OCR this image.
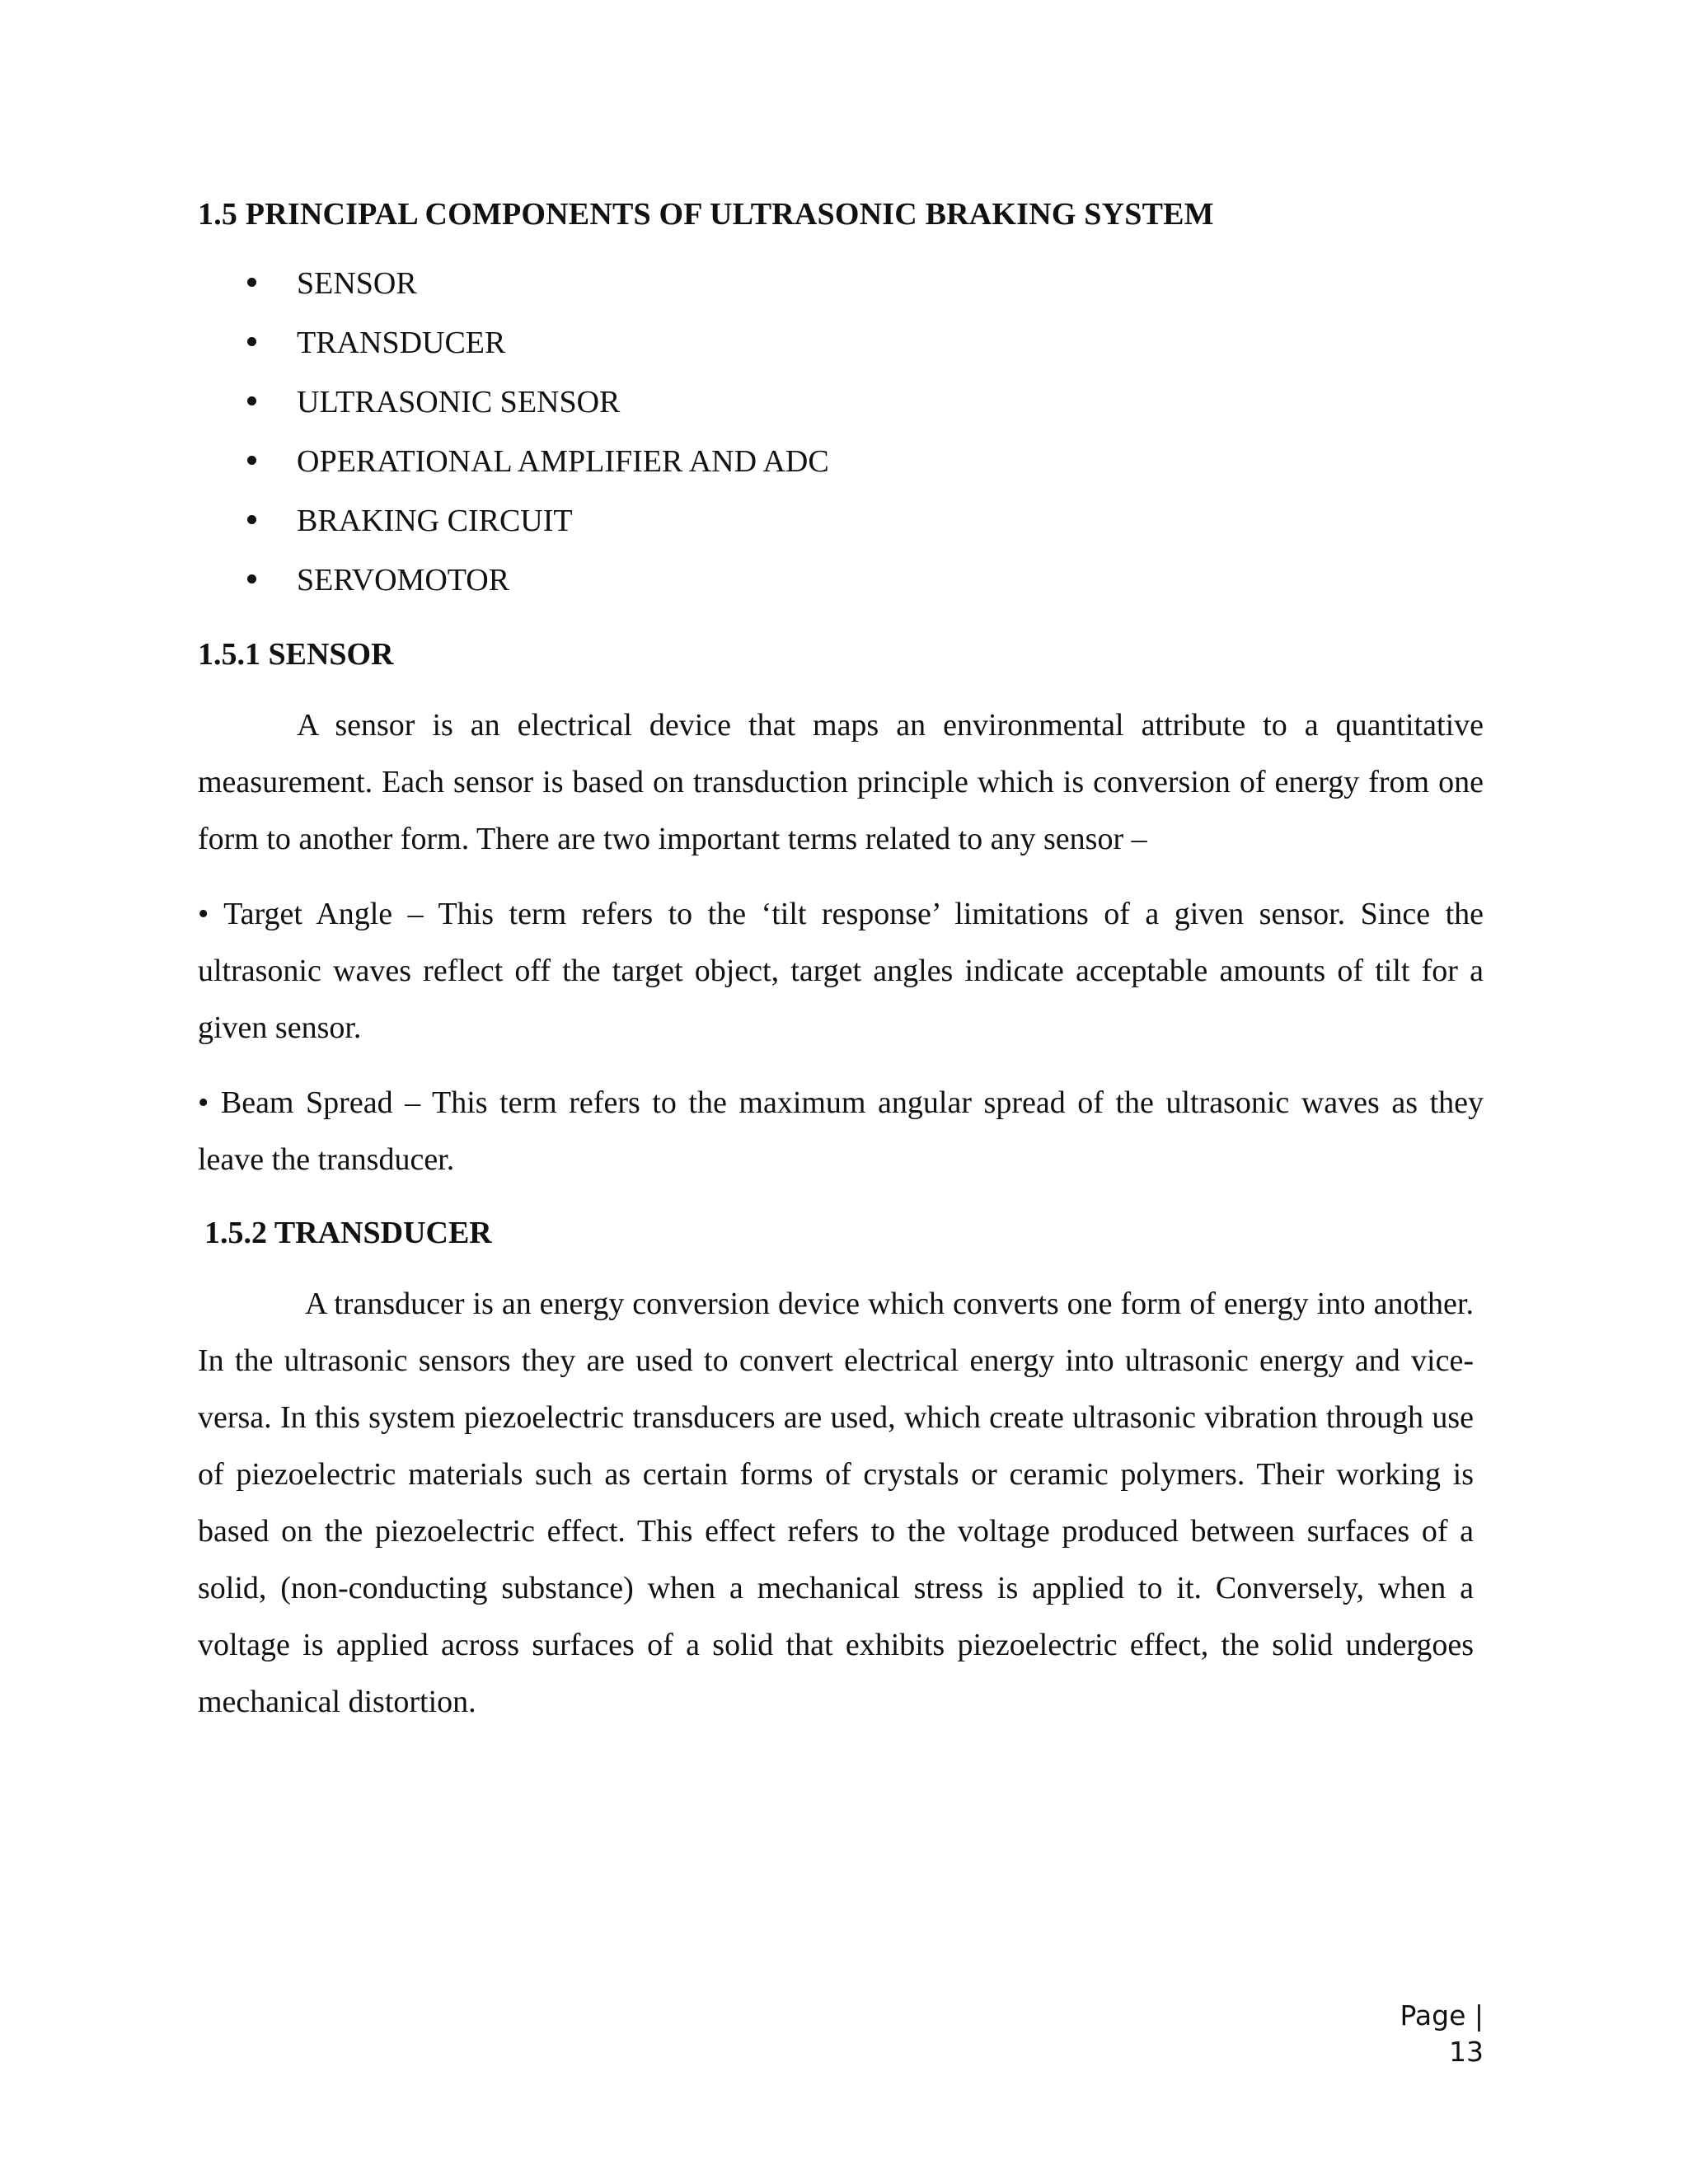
1.5 PRINCIPAL COMPONENTS OF ULTRASONIC BRAKING SYSTEM
SENSOR
TRANSDUCER
ULTRASONIC SENSOR
OPERATIONAL AMPLIFIER AND ADC
BRAKING CIRCUIT
SERVOMOTOR
1.5.1 SENSOR

A sensor is an electrical device that maps an environmental attribute to a quantitative measurement. Each sensor is based on transduction principle which is conversion of energy from one form to another form. There are two important terms related to any sensor –

• Target Angle – This term refers to the ‘tilt response’ limitations of a given sensor. Since the ultrasonic waves reflect off the target object, target angles indicate acceptable amounts of tilt for a given sensor.

• Beam Spread – This term refers to the maximum angular spread of the ultrasonic waves as they leave the transducer.

1.5.2 TRANSDUCER

A transducer is an energy conversion device which converts one form of energy into another. In the ultrasonic sensors they are used to convert electrical energy into ultrasonic energy and vice-versa. In this system piezoelectric transducers are used, which create ultrasonic vibration through use of piezoelectric materials such as certain forms of crystals or ceramic polymers. Their working is based on the piezoelectric effect. This effect refers to the voltage produced between surfaces of a solid, (non-conducting substance) when a mechanical stress is applied to it. Conversely, when a voltage is applied across surfaces of a solid that exhibits piezoelectric effect, the solid undergoes mechanical distortion.

Page | 13
